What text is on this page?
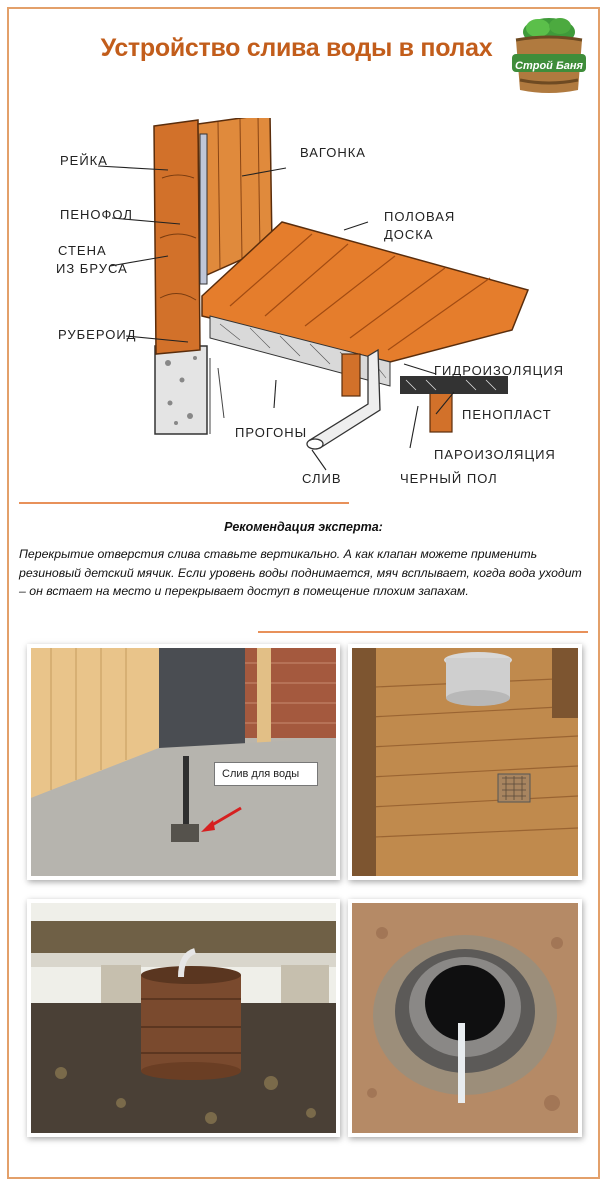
Устройство слива воды в полах
Строй Баня
РЕЙКА
ПЕНОФОЛ
СТЕНА
ИЗ БРУСА
РУБЕРОИД
ПРОГОНЫ
СЛИВ
ВАГОНКА
ПОЛОВАЯ
ДОСКА
ГИДРОИЗОЛЯЦИЯ
ПЕНОПЛАСТ
ПАРОИЗОЛЯЦИЯ
ЧЕРНЫЙ ПОЛ
Рекомендация эксперта:
Перекрытие отверстия слива ставьте вертикально. А как клапан можете применить резиновый детский мячик. Если уровень воды поднимается, мяч всплывает, когда вода уходит – он встает на место и перекрывает доступ в помещение плохим запахам.
Слив для воды
